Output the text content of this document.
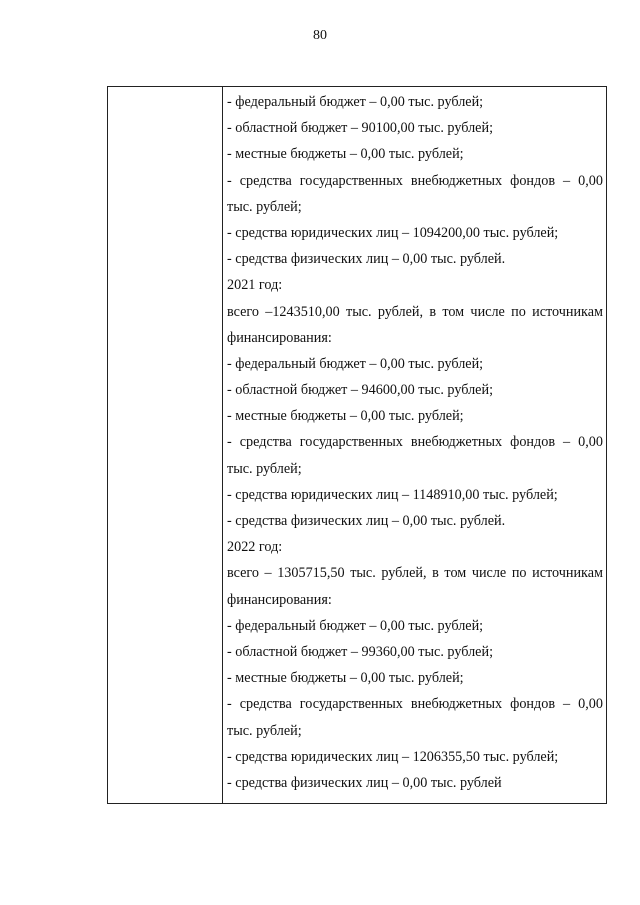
80
- федеральный бюджет – 0,00 тыс. рублей;
- областной бюджет – 90100,00 тыс. рублей;
- местные бюджеты – 0,00 тыс. рублей;
- средства государственных внебюджетных фондов – 0,00
тыс. рублей;
- средства юридических лиц – 1094200,00 тыс. рублей;
- средства физических лиц – 0,00 тыс. рублей.
2021 год:
всего –1243510,00 тыс. рублей, в том числе по источникам
финансирования:
- федеральный бюджет – 0,00 тыс. рублей;
- областной бюджет – 94600,00 тыс. рублей;
- местные бюджеты – 0,00 тыс. рублей;
- средства государственных внебюджетных фондов – 0,00
тыс. рублей;
- средства юридических лиц – 1148910,00 тыс. рублей;
- средства физических лиц – 0,00 тыс. рублей.
2022 год:
всего – 1305715,50 тыс. рублей, в том числе по источникам
финансирования:
- федеральный бюджет – 0,00 тыс. рублей;
- областной бюджет – 99360,00 тыс. рублей;
- местные бюджеты – 0,00 тыс. рублей;
- средства государственных внебюджетных фондов – 0,00
тыс. рублей;
- средства юридических лиц – 1206355,50 тыс. рублей;
- средства физических лиц – 0,00 тыс. рублей
